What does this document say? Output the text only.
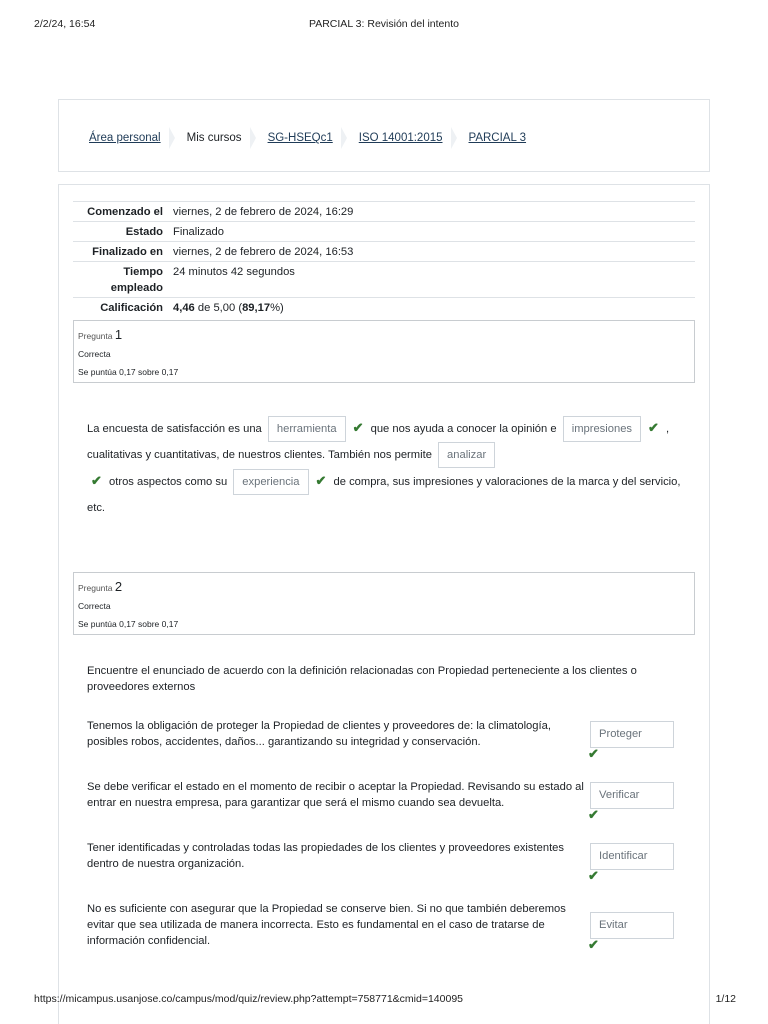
2/2/24, 16:54	PARCIAL 3: Revisión del intento
Área personal Mis cursos SG-HSEQc1 ISO 14001:2015 PARCIAL 3
Comenzado el	viernes, 2 de febrero de 2024, 16:29
Estado	Finalizado
Finalizado en	viernes, 2 de febrero de 2024, 16:53
Tiempo
empleado	24 minutos 42 segundos
Calificación	4,46 de 5,00 (89,17%)
Pregunta 1
Correcta
Se puntúa 0,17 sobre 0,17
La encuesta de satisfacción es una herramienta ✔ que nos ayuda a conocer la opinión e impresiones ✔ , cualitativas y cuantitativas, de nuestros clientes. También nos permite analizar
✔ otros aspectos como su experiencia ✔ de compra, sus impresiones y valoraciones de la marca y del servicio, etc.
Pregunta 2
Correcta
Se puntúa 0,17 sobre 0,17
Encuentre el enunciado de acuerdo con la definición relacionadas con Propiedad perteneciente a los clientes o proveedores externos
Tenemos la obligación de proteger la Propiedad de clientes y proveedores de: la climatología, posibles robos, accidentes, daños... garantizando su integridad y conservación.
Proteger
✔
Se debe verificar el estado en el momento de recibir o aceptar la Propiedad. Revisando su estado al entrar en nuestra empresa, para garantizar que será el mismo cuando sea devuelta.
Verificar
✔
Tener identificadas y controladas todas las propiedades de los clientes y proveedores existentes dentro de nuestra organización.
Identificar
✔
No es suficiente con asegurar que la Propiedad se conserve bien. Si no que también deberemos evitar que sea utilizada de manera incorrecta. Esto es fundamental en el caso de tratarse de información confidencial.
Evitar
✔
https://micampus.usanjose.co/campus/mod/quiz/review.php?attempt=758771&cmid=140095	1/12
